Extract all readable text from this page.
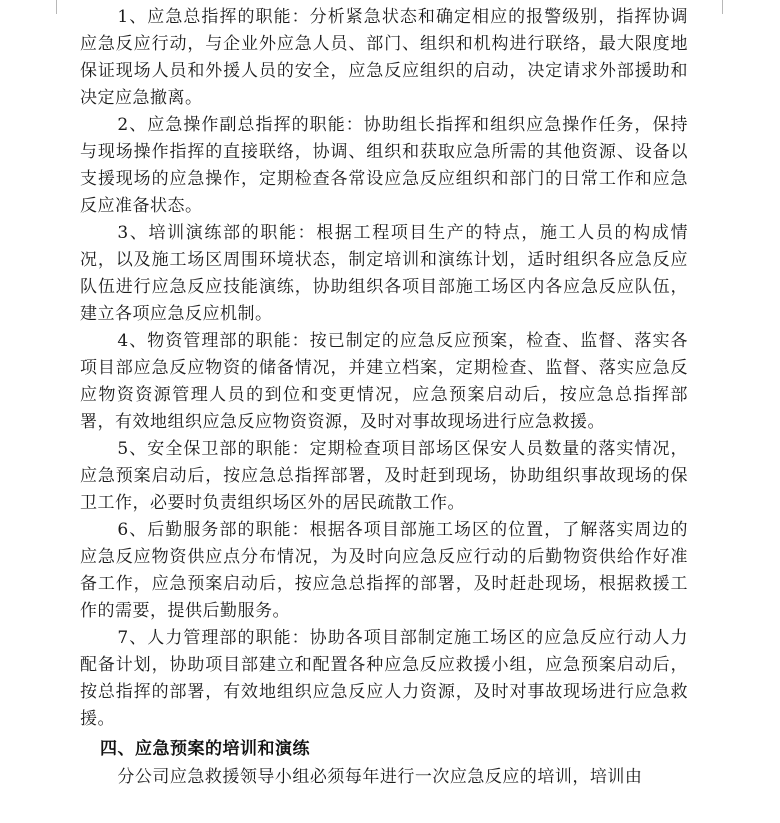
1、应急总指挥的职能：分析紧急状态和确定相应的报警级别，指挥协调应急反应行动，与企业外应急人员、部门、组织和机构进行联络，最大限度地保证现场人员和外援人员的安全，应急反应组织的启动，决定请求外部援助和决定应急撤离。

2、应急操作副总指挥的职能：协助组长指挥和组织应急操作任务，保持与现场操作指挥的直接联络，协调、组织和获取应急所需的其他资源、设备以支援现场的应急操作，定期检查各常设应急反应组织和部门的日常工作和应急反应准备状态。

3、培训演练部的职能：根据工程项目生产的特点，施工人员的构成情况，以及施工场区周围环境状态，制定培训和演练计划，适时组织各应急反应队伍进行应急反应技能演练，协助组织各项目部施工场区内各应急反应队伍，建立各项应急反应机制。

4、物资管理部的职能：按已制定的应急反应预案，检查、监督、落实各项目部应急反应物资的储备情况，并建立档案，定期检查、监督、落实应急反应物资资源管理人员的到位和变更情况，应急预案启动后，按应急总指挥部署，有效地组织应急反应物资资源，及时对事故现场进行应急救援。

5、安全保卫部的职能：定期检查项目部场区保安人员数量的落实情况，应急预案启动后，按应急总指挥部署，及时赶到现场，协助组织事故现场的保卫工作，必要时负责组织场区外的居民疏散工作。

6、后勤服务部的职能：根据各项目部施工场区的位置，了解落实周边的应急反应物资供应点分布情况，为及时向应急反应行动的后勤物资供给作好准备工作，应急预案启动后，按应急总指挥的部署，及时赶赴现场，根据救援工作的需要，提供后勤服务。

7、人力管理部的职能：协助各项目部制定施工场区的应急反应行动人力配备计划，协助项目部建立和配置各种应急反应救援小组，应急预案启动后，按总指挥的部署，有效地组织应急反应人力资源，及时对事故现场进行应急救援。

四、应急预案的培训和演练

分公司应急救援领导小组必须每年进行一次应急反应的培训，培训由
